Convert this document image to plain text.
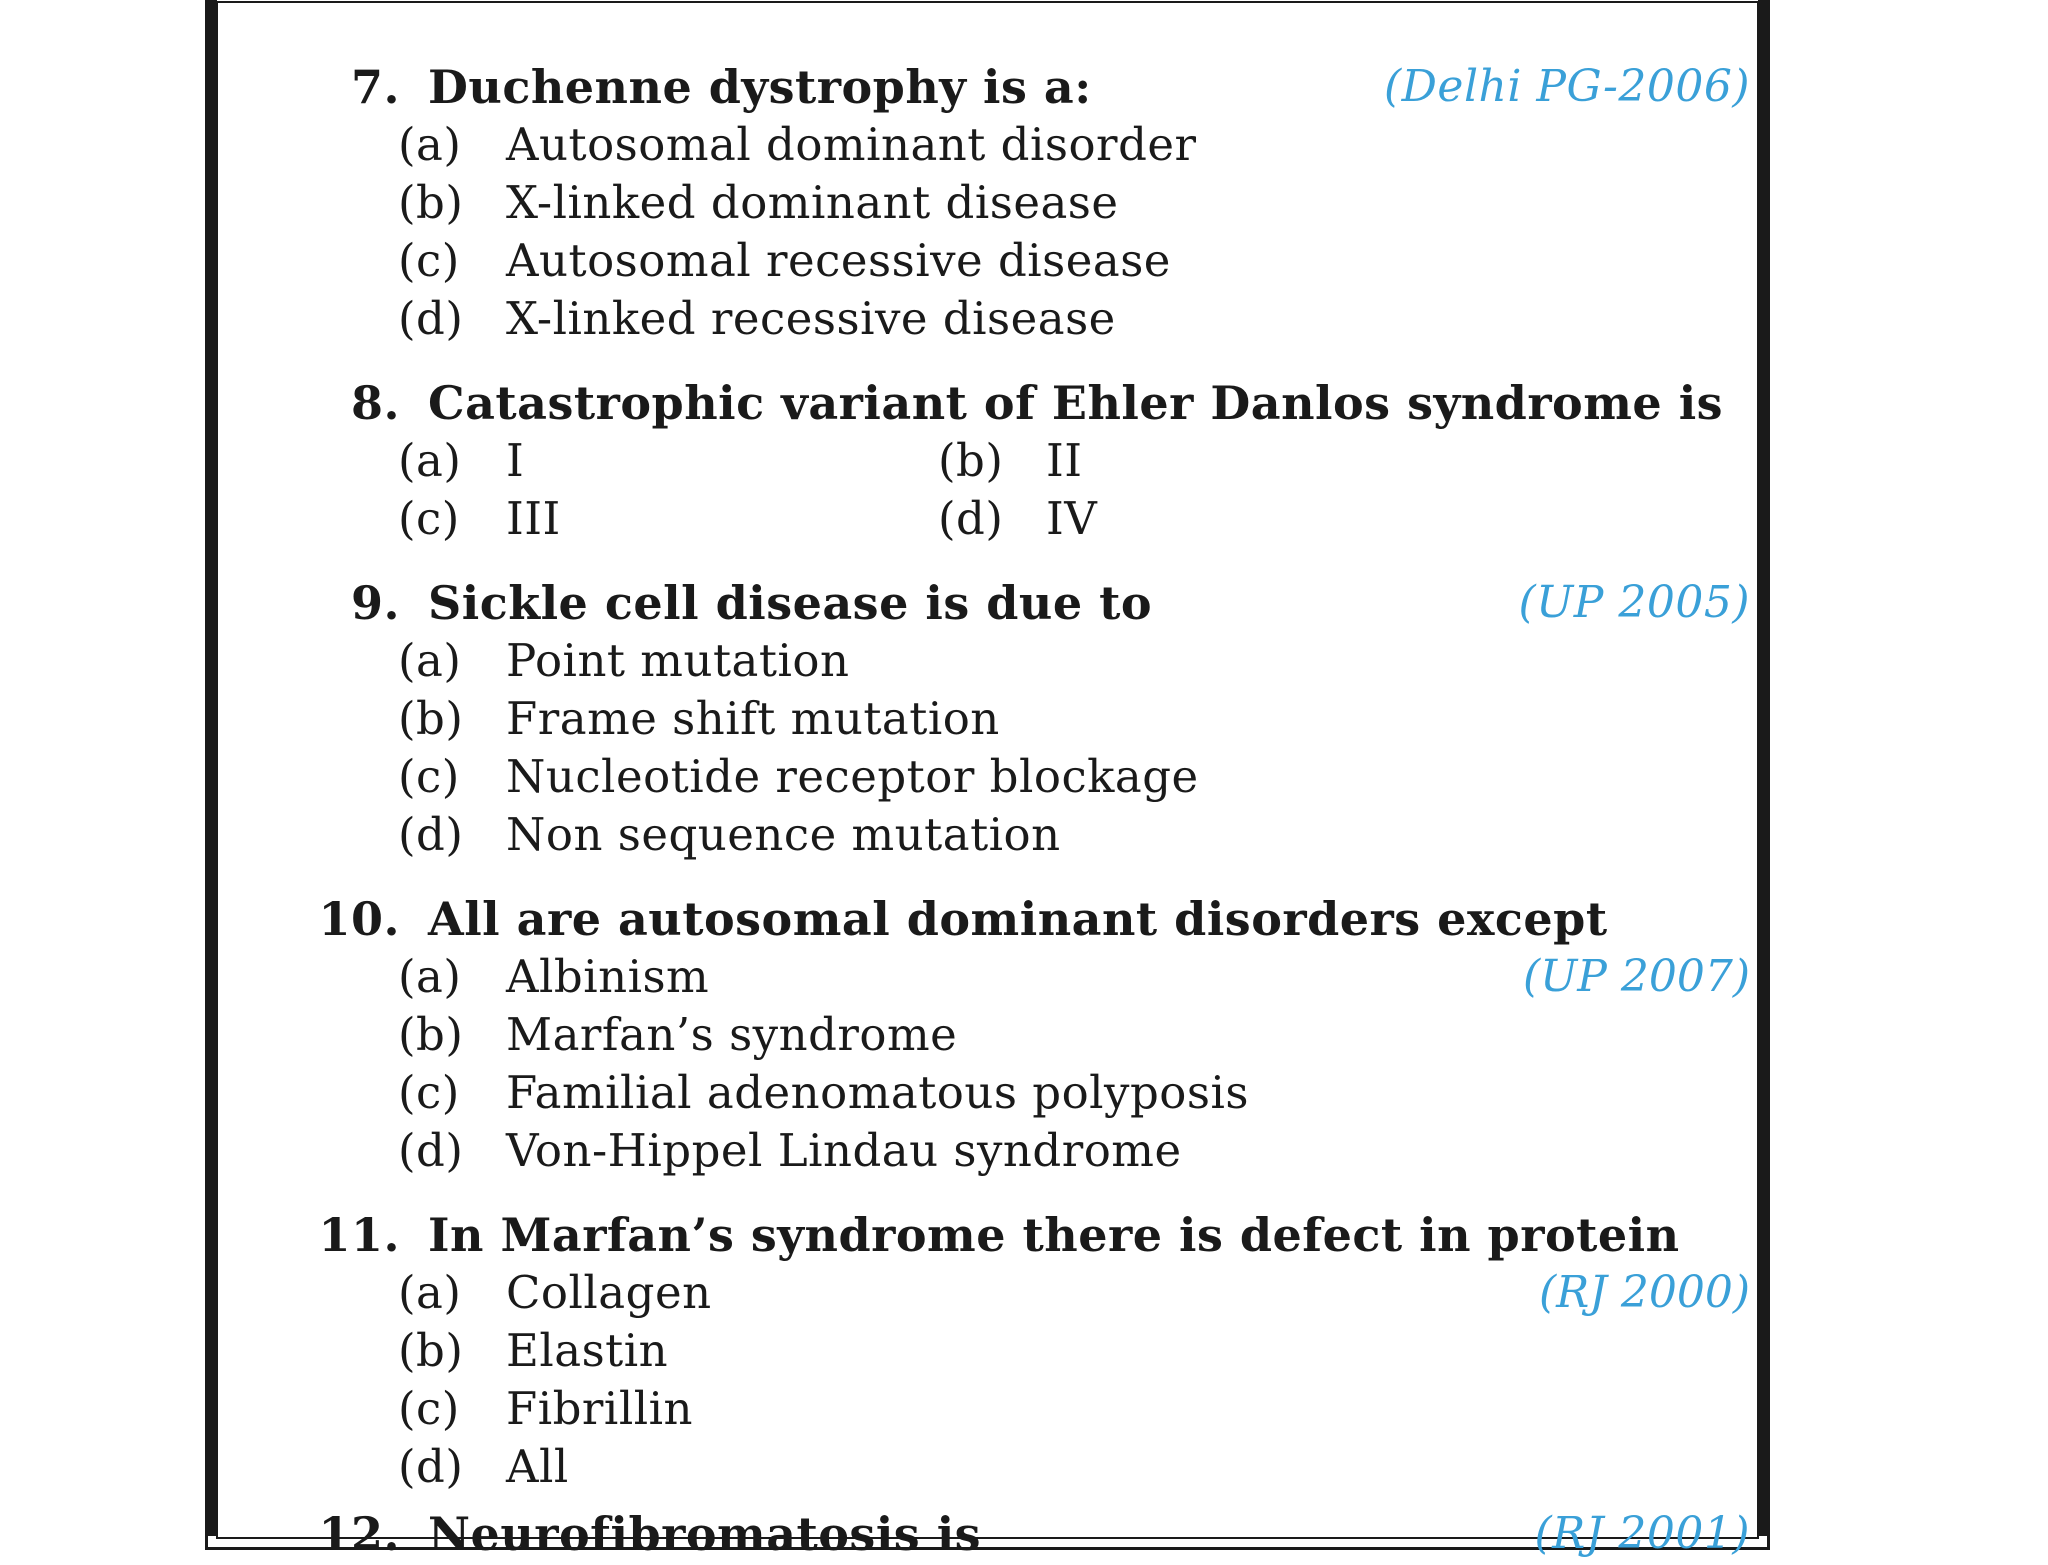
7. Duchenne dystrophy is a:	(Delhi PG-2006)
(a) Autosomal dominant disorder
(b) X-linked dominant disease
(c)	Autosomal recessive disease
(d) X-linked recessive disease
8. Catastrophic variant of Ehler Danlos syndrome is
(a) I	(b) II
(c)	III	(d) IV
9. Sickle cell disease is due to	(UP 2005)
(a) Point mutation
(b) Frame shift mutation
(c)	Nucleotide receptor blockage
(d) Non sequence mutation
10. All are autosomal dominant disorders except
(UP 2007)
(a) Albinism
(b) Marfan’s syndrome
(c)	Familial adenomatous polyposis
(d) Von-Hippel Lindau syndrome
11. In Marfan’s syndrome there is defect in protein
(RJ 2000)
(a) Collagen
(b) Elastin
(c)	Fibrillin
(d) All
12. Neurofibromatosis is	(RJ 2001)
